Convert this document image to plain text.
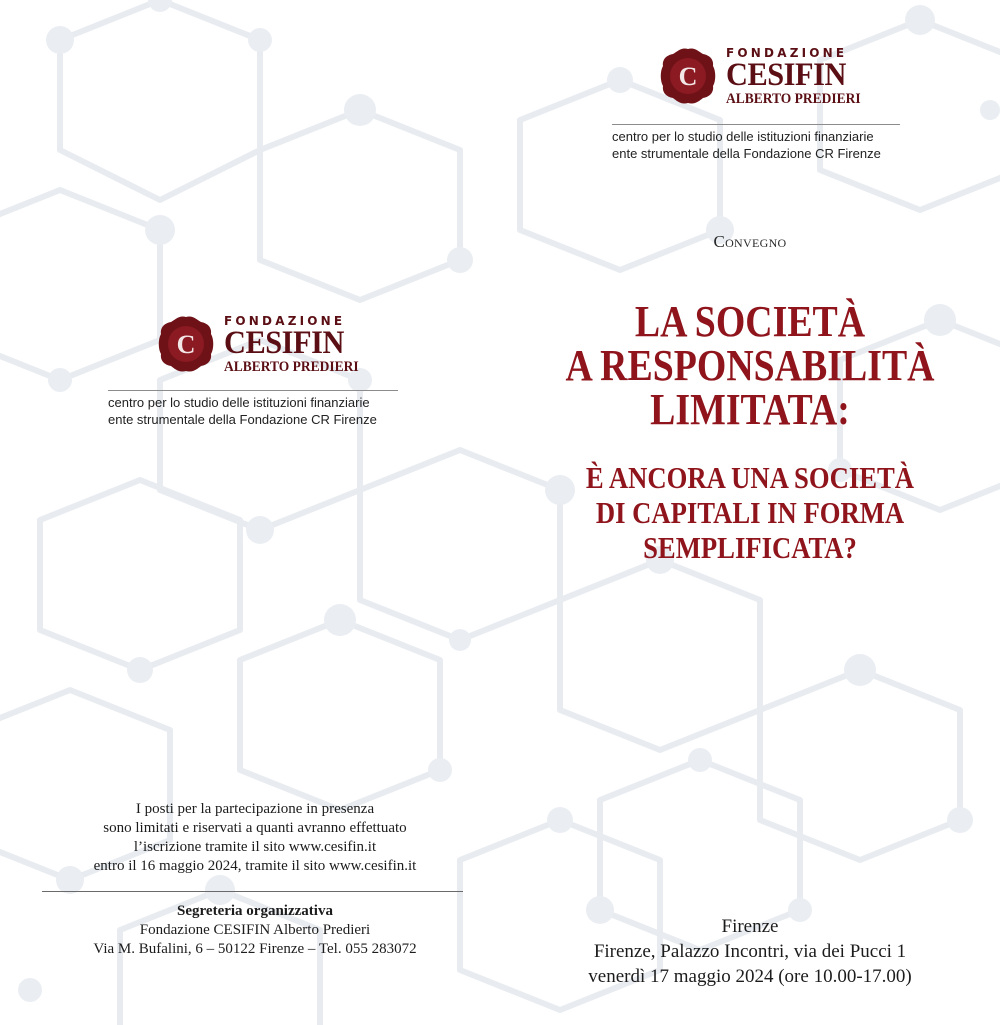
C
FONDAZIONE
CESIFIN
ALBERTO PREDIERI
centro per lo studio delle istituzioni finanziarie
ente strumentale della Fondazione CR Firenze
C
FONDAZIONE
CESIFIN
ALBERTO PREDIERI
centro per lo studio delle istituzioni finanziarie
ente strumentale della Fondazione CR Firenze
Convegno
LA SOCIETÀ
A RESPONSABILITÀ
LIMITATA:
È ANCORA UNA SOCIETÀ
DI CAPITALI IN FORMA
SEMPLIFICATA?
Firenze
Firenze, Palazzo Incontri, via dei Pucci 1
venerdì 17 maggio 2024 (ore 10.00-17.00)
I posti per la partecipazione in presenza
sono limitati e riservati a quanti avranno effettuato
l’iscrizione tramite il sito www.cesifin.it
entro il 16 maggio 2024, tramite il sito www.cesifin.it
Segreteria organizzativa
Fondazione CESIFIN Alberto Predieri
Via M. Bufalini, 6 – 50122 Firenze – Tel. 055 283072
